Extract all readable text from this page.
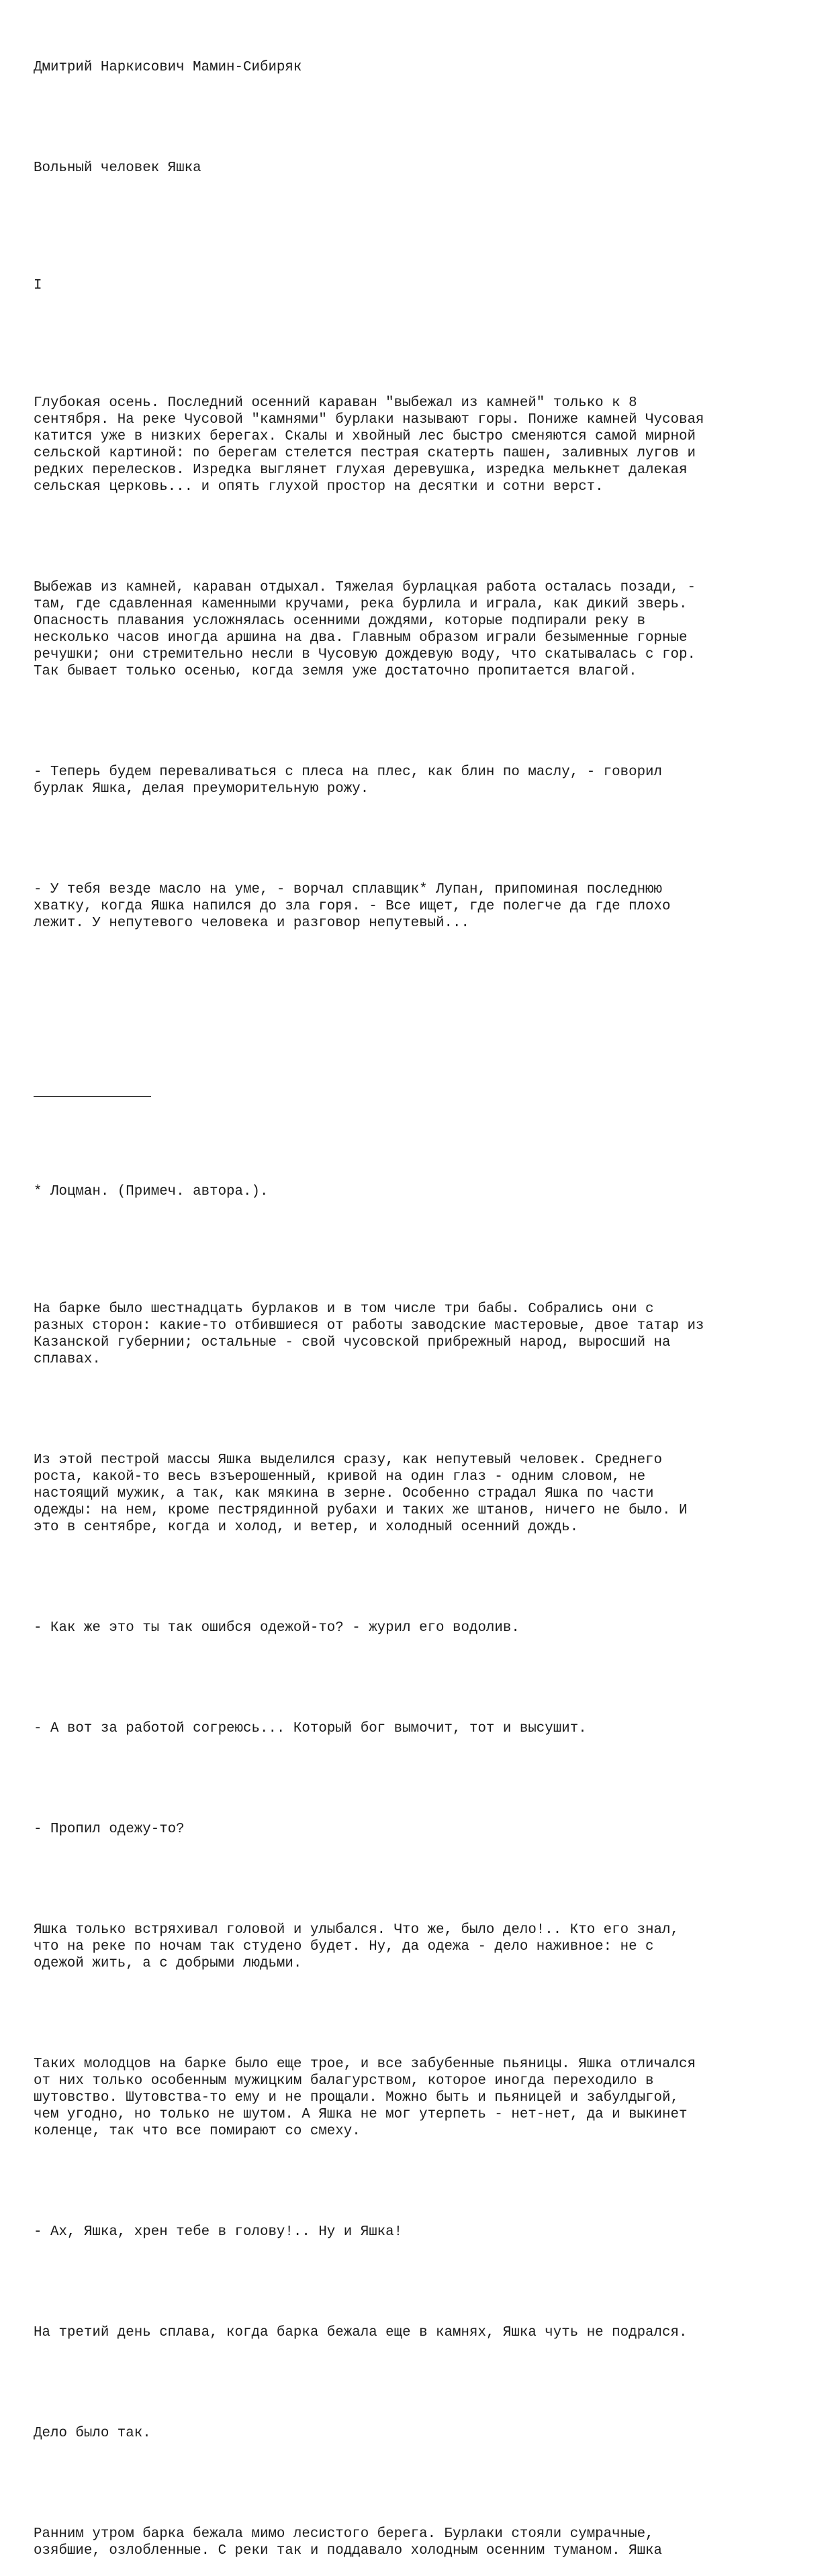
Дмитрий Наркисович Мамин-Сибиряк

Вольный человек Яшка

I

Глубокая осень. Последний осенний караван "выбежал из камней" только к 8
сентября. На реке Чусовой "камнями" бурлаки называют горы. Пониже камней Чусовая
катится уже в низких берегах. Скалы и хвойный лес быстро сменяются самой мирной
сельской картиной: по берегам стелется пестрая скатерть пашен, заливных лугов и
редких перелесков. Изредка выглянет глухая деревушка, изредка мелькнет далекая
сельская церковь... и опять глухой простор на десятки и сотни верст.

Выбежав из камней, караван отдыхал. Тяжелая бурлацкая работа осталась позади, -
там, где сдавленная каменными кручами, река бурлила и играла, как дикий зверь.
Опасность плавания усложнялась осенними дождями, которые подпирали реку в
несколько часов иногда аршина на два. Главным образом играли безыменные горные
речушки; они стремительно несли в Чусовую дождевую воду, что скатывалась с гор.
Так бывает только осенью, когда земля уже достаточно пропитается влагой.

- Теперь будем переваливаться с плеса на плес, как блин по маслу, - говорил
бурлак Яшка, делая преуморительную рожу.

- У тебя везде масло на уме, - ворчал сплавщик* Лупан, припоминая последнюю
хватку, когда Яшка напился до зла горя. - Все ищет, где полегче да где плохо
лежит. У непутевого человека и разговор непутевый...

* Лоцман. (Примеч. автора.).

На барке было шестнадцать бурлаков и в том числе три бабы. Собрались они с
разных сторон: какие-то отбившиеся от работы заводские мастеровые, двое татар из
Казанской губернии; остальные - свой чусовской прибрежный народ, выросший на
сплавах.

Из этой пестрой массы Яшка выделился сразу, как непутевый человек. Среднего
роста, какой-то весь взъерошенный, кривой на один глаз - одним словом, не
настоящий мужик, а так, как мякина в зерне. Особенно страдал Яшка по части
одежды: на нем, кроме пестрядинной рубахи и таких же штанов, ничего не было. И
это в сентябре, когда и холод, и ветер, и холодный осенний дождь.

- Как же это ты так ошибся одежой-то? - журил его водолив.

- А вот за работой согреюсь... Который бог вымочит, тот и высушит.

- Пропил одежу-то?

Яшка только встряхивал головой и улыбался. Что же, было дело!.. Кто его знал,
что на реке по ночам так студено будет. Ну, да одежа - дело наживное: не с
одежой жить, а с добрыми людьми.

Таких молодцов на барке было еще трое, и все забубенные пьяницы. Яшка отличался
от них только особенным мужицким балагурством, которое иногда переходило в
шутовство. Шутовства-то ему и не прощали. Можно быть и пьяницей и забулдыгой,
чем угодно, но только не шутом. А Яшка не мог утерпеть - нет-нет, да и выкинет
коленце, так что все помирают со смеху.

- Ах, Яшка, хрен тебе в голову!.. Ну и Яшка!

На третий день сплава, когда барка бежала еще в камнях, Яшка чуть не подрался.

Дело было так.

Ранним утром барка бежала мимо лесистого берега. Бурлаки стояли сумрачные,
озябшие, озлобленные. С реки так и поддавало холодным осенним туманом. Яшка
